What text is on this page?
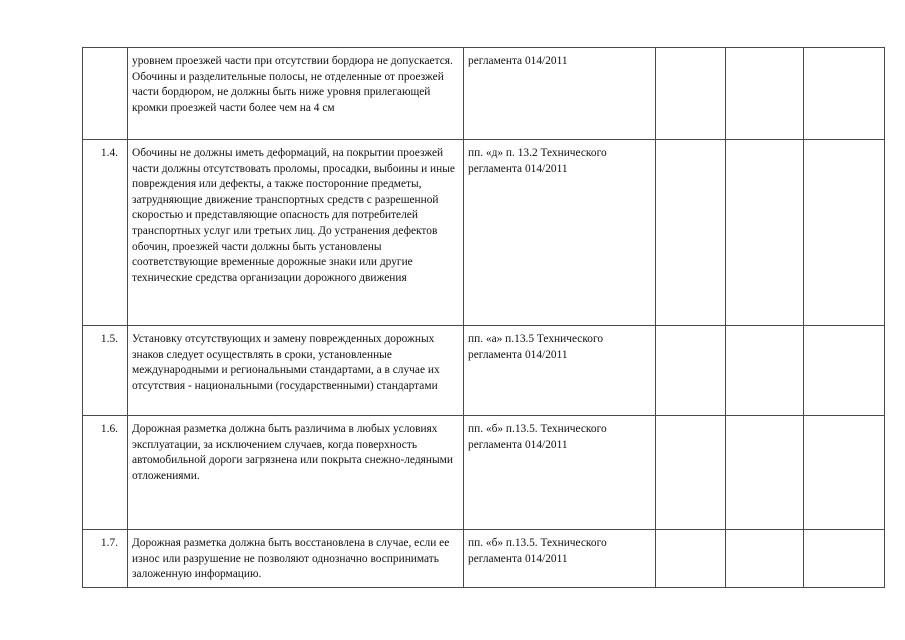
	уровнем проезжей части при отсутствии бордюра не допускается. Обочины и разделительные полосы, не отделенные от проезжей части бордюром, не должны быть ниже уровня прилегающей кромки проезжей части более чем на 4 см	регламента 014/2011			
1.4.	Обочины не должны иметь деформаций, на покрытии проезжей части должны отсутствовать проломы, просадки, выбоины и иные повреждения или дефекты, а также посторонние предметы, затрудняющие движение транспортных средств с разрешенной скоростью и представляющие опасность для потребителей транспортных услуг или третьих лиц. До устранения дефектов обочин, проезжей части должны быть установлены соответствующие временные дорожные знаки или другие технические средства организации дорожного движения	пп. «д» п. 13.2 Технического регламента 014/2011			
1.5.	Установку отсутствующих и замену поврежденных дорожных знаков следует осуществлять в сроки, установленные международными и региональными стандартами, а в случае их отсутствия - национальными (государственными) стандартами	пп. «а» п.13.5 Технического регламента 014/2011			
1.6.	Дорожная разметка должна быть различима в любых условиях эксплуатации, за исключением случаев, когда поверхность автомобильной дороги загрязнена или покрыта снежно-ледяными отложениями.	пп. «б» п.13.5. Технического регламента 014/2011			
1.7.	Дорожная разметка должна быть восстановлена в случае, если ее износ или разрушение не позволяют однозначно воспринимать заложенную информацию.	пп. «б» п.13.5. Технического регламента 014/2011			
